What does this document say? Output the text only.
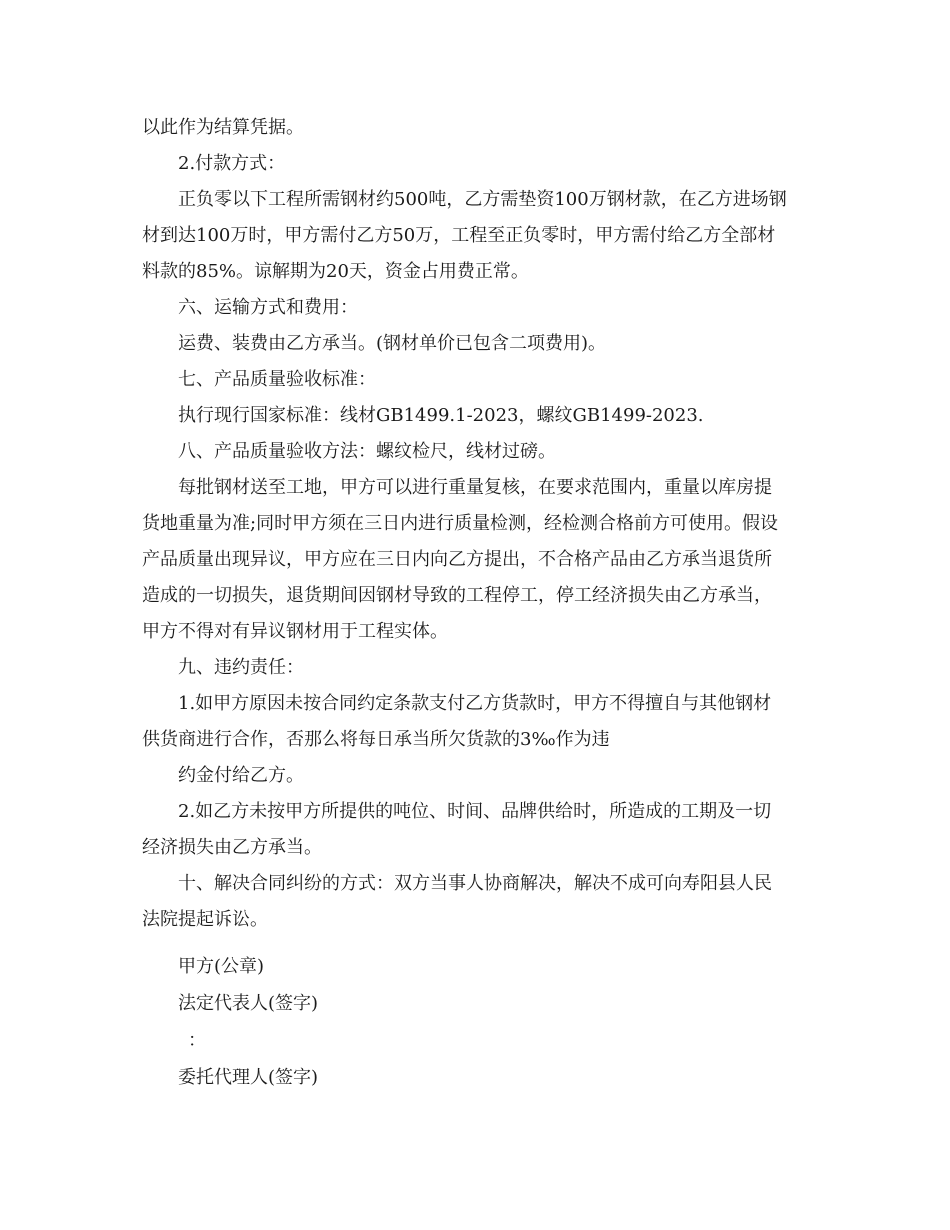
以此作为结算凭据。
2.付款方式：
正负零以下工程所需钢材约500吨，乙方需垫资100万钢材款，在乙方进场钢
材到达100万时，甲方需付乙方50万，工程至正负零时，甲方需付给乙方全部材
料款的85%。谅解期为20天，资金占用费正常。
六、运输方式和费用：
运费、装费由乙方承当。(钢材单价已包含二项费用)。
七、产品质量验收标准：
执行现行国家标准：线材GB1499.1-2023，螺纹GB1499-2023.
八、产品质量验收方法：螺纹检尺，线材过磅。
每批钢材送至工地，甲方可以进行重量复核，在要求范围内，重量以库房提
货地重量为准;同时甲方须在三日内进行质量检测，经检测合格前方可使用。假设
产品质量出现异议，甲方应在三日内向乙方提出，不合格产品由乙方承当退货所
造成的一切损失，退货期间因钢材导致的工程停工，停工经济损失由乙方承当，
甲方不得对有异议钢材用于工程实体。
九、违约责任：
1.如甲方原因未按合同约定条款支付乙方货款时，甲方不得擅自与其他钢材
供货商进行合作，否那么将每日承当所欠货款的3‰作为违
约金付给乙方。
2.如乙方未按甲方所提供的吨位、时间、品牌供给时，所造成的工期及一切
经济损失由乙方承当。
十、解决合同纠纷的方式：双方当事人协商解决，解决不成可向寿阳县人民
法院提起诉讼。
甲方(公章)
法定代表人(签字)
：
委托代理人(签字)
